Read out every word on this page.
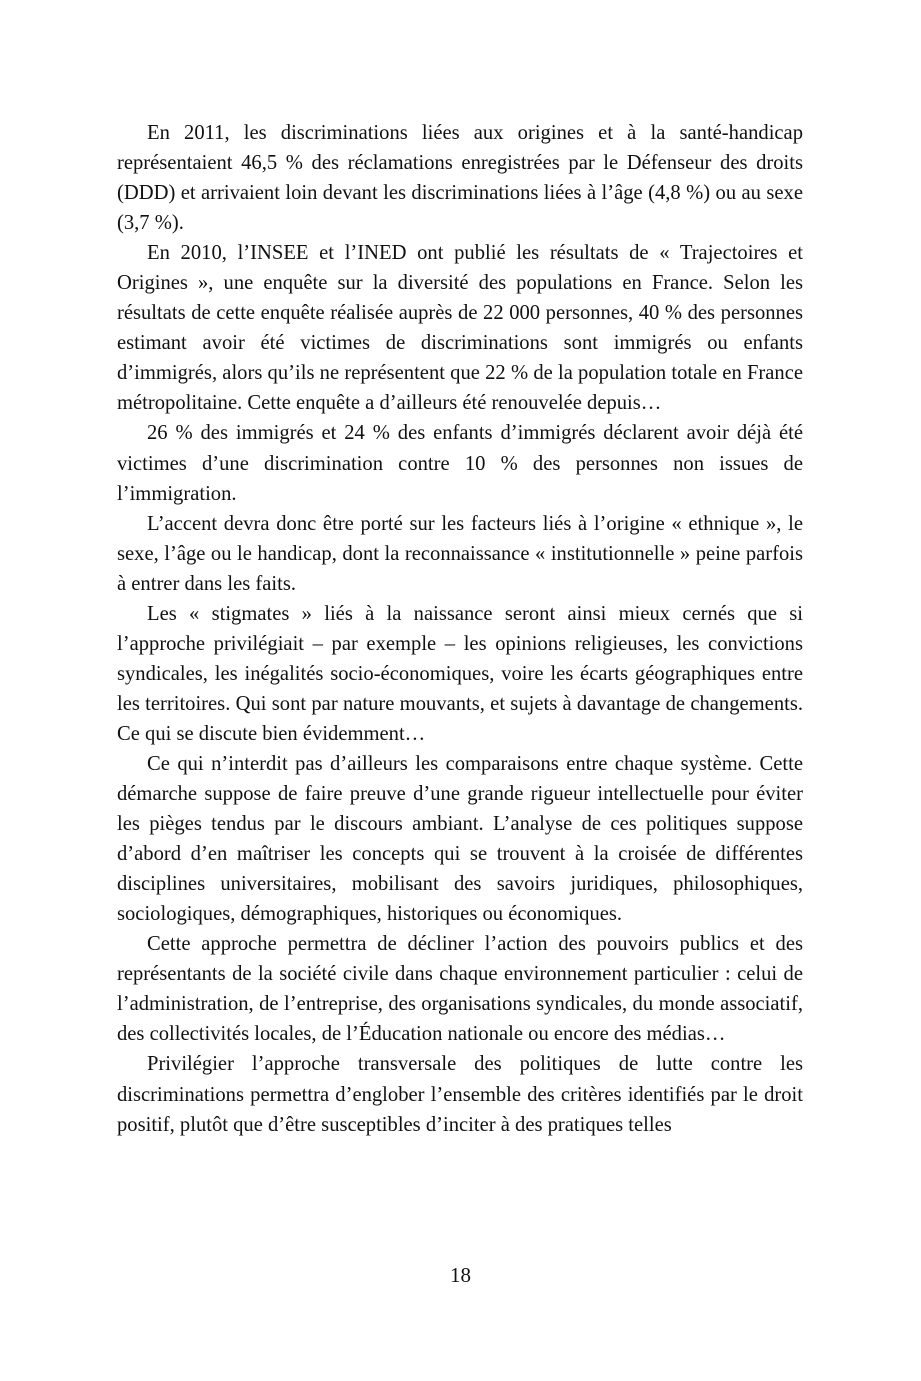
En 2011, les discriminations liées aux origines et à la santé-handicap représentaient 46,5 % des réclamations enregistrées par le Défenseur des droits (DDD) et arrivaient loin devant les discriminations liées à l’âge (4,8 %) ou au sexe (3,7 %).

En 2010, l’INSEE et l’INED ont publié les résultats de « Trajectoires et Origines », une enquête sur la diversité des populations en France. Selon les résultats de cette enquête réalisée auprès de 22 000 personnes, 40 % des personnes estimant avoir été victimes de discriminations sont immigrés ou enfants d’immigrés, alors qu’ils ne représentent que 22 % de la population totale en France métropolitaine. Cette enquête a d’ailleurs été renouvelée depuis…

26 % des immigrés et 24 % des enfants d’immigrés déclarent avoir déjà été victimes d’une discrimination contre 10 % des personnes non issues de l’immigration.

L’accent devra donc être porté sur les facteurs liés à l’origine « ethnique », le sexe, l’âge ou le handicap, dont la reconnaissance « institutionnelle » peine parfois à entrer dans les faits.

Les « stigmates » liés à la naissance seront ainsi mieux cernés que si l’approche privilégiait – par exemple – les opinions religieuses, les convictions syndicales, les inégalités socio-économiques, voire les écarts géographiques entre les territoires. Qui sont par nature mouvants, et sujets à davantage de changements. Ce qui se discute bien évidemment…

Ce qui n’interdit pas d’ailleurs les comparaisons entre chaque système. Cette démarche suppose de faire preuve d’une grande rigueur intellectuelle pour éviter les pièges tendus par le discours ambiant. L’analyse de ces politiques suppose d’abord d’en maîtriser les concepts qui se trouvent à la croisée de différentes disciplines universitaires, mobilisant des savoirs juridiques, philosophiques, sociologiques, démographiques, historiques ou économiques.

Cette approche permettra de décliner l’action des pouvoirs publics et des représentants de la société civile dans chaque environnement particulier : celui de l’administration, de l’entreprise, des organisations syndicales, du monde associatif, des collectivités locales, de l’Éducation nationale ou encore des médias…

Privilégier l’approche transversale des politiques de lutte contre les discriminations permettra d’englober l’ensemble des critères identifiés par le droit positif, plutôt que d’être susceptibles d’inciter à des pratiques telles

18
